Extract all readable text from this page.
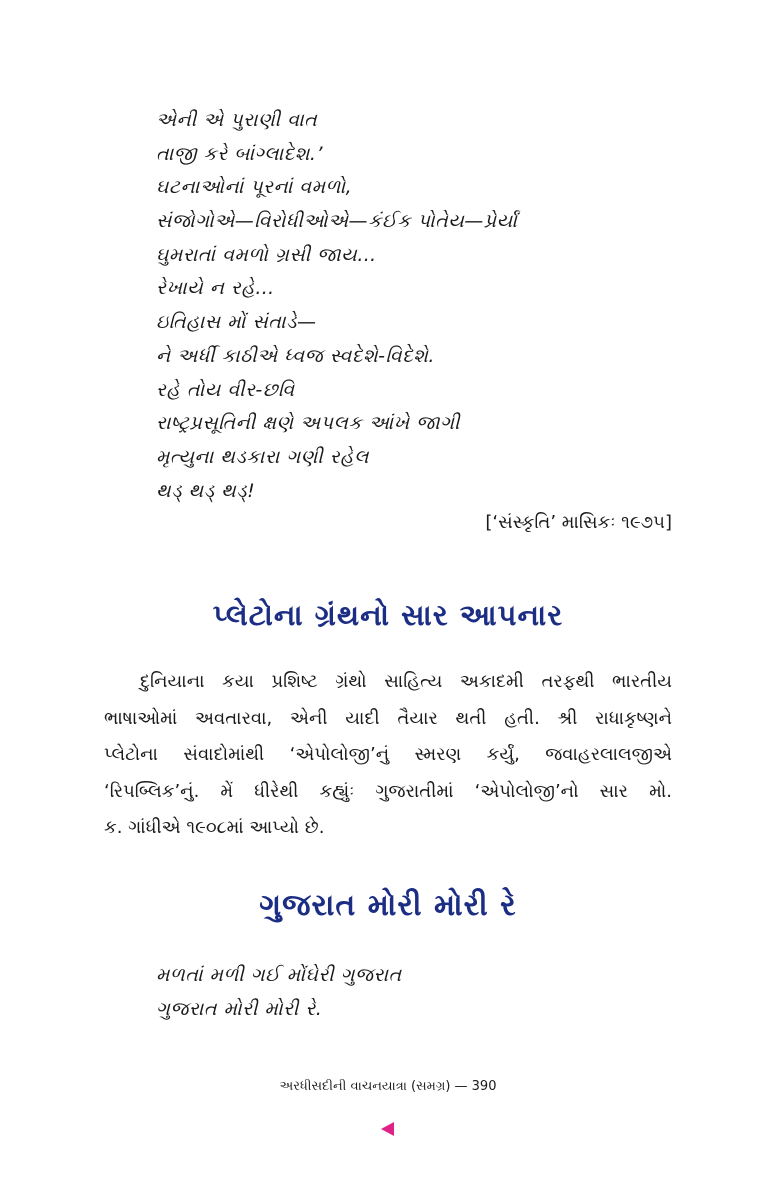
એની એ પુરાણી વાત
તાજી કરે બાંગ્લાદેશ.’
ઘટનાઓનાં પૂરનાં વમળો,
સંજોગોએ—વિરોધીઓએ—કંઈક પોતેય—પ્રેર્યાં
ઘુમરાતાં વમળો ગ્રસી જાય…
રેખાયે ન રહે…
ઇતિહાસ મોં સંતાડે—
ને અર્ધી કાઠીએ ધ્વજ સ્વદેશે-વિદેશે.
રહે તોય વીર-છવિ
રાષ્ટ્રપ્રસૂતિની ક્ષણે અપલક આંખે જાગી
મૃત્યુના થડકારા ગણી રહેલ
થડ્ થડ્ થડ્!
[‘સંસ્કૃતિ’ માસિકઃ ૧૯૭૫]
પ્લેટોના ગ્રંથનો સાર આપનાર
દુનિયાના કયા પ્રશિષ્ટ ગ્રંથો સાહિત્ય અકાદમી તરફથી ભારતીય
ભાષાઓમાં અવતારવા, એની યાદી તૈયાર થતી હતી. શ્રી રાધાકૃષ્ણને
પ્લેટોના સંવાદોમાંથી ‘એપોલોજી’નું સ્મરણ કર્યું, જવાહરલાલજીએ
‘રિપબ્લિક’નું. મેં ધીરેથી કહ્યુંઃ ગુજરાતીમાં ‘એપોલોજી’નો સાર મો.
ક. ગાંધીએ ૧૯૦૮માં આપ્યો છે.
ગુજરાત મોરી મોરી રે
મળતાં મળી ગઈ મોંઘેરી ગુજરાત
ગુજરાત મોરી મોરી રે.
અરધીસદીની વાચનયાત્રા (સમગ્ર) — 390
